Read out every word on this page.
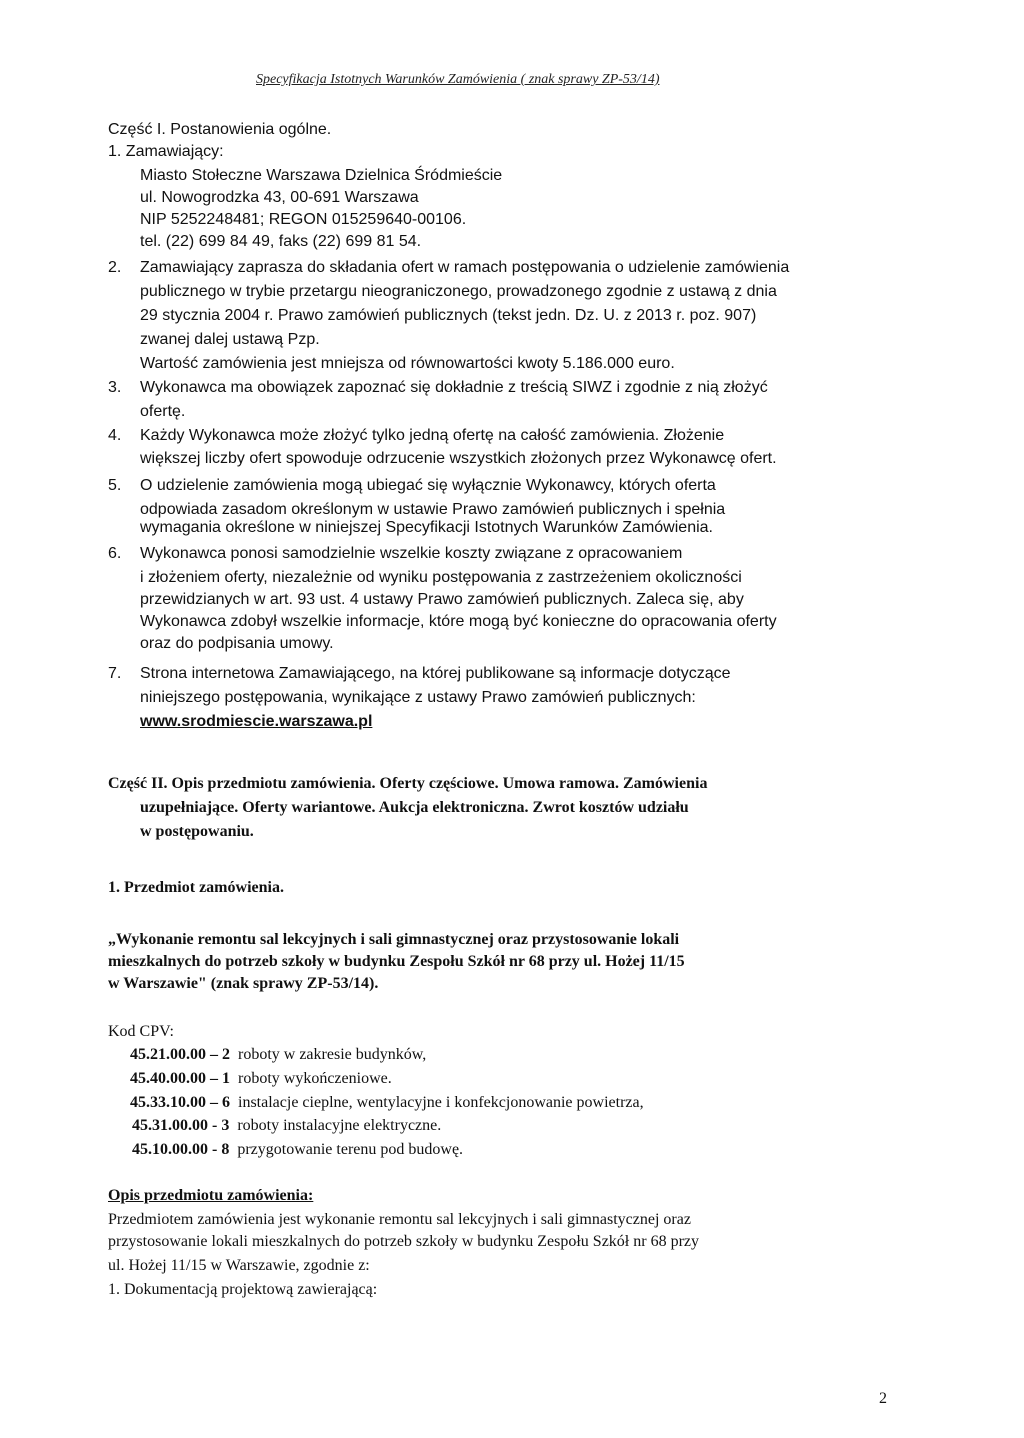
Specyfikacja Istotnych Warunków Zamówienia ( znak sprawy ZP-53/14)
Część I. Postanowienia ogólne.
1. Zamawiający:
Miasto Stołeczne Warszawa Dzielnica Śródmieście
ul. Nowogrodzka 43, 00-691 Warszawa
NIP 5252248481; REGON 015259640-00106.
tel. (22) 699 84 49, faks (22) 699 81 54.
2. Zamawiający zaprasza do składania ofert w ramach postępowania o udzielenie zamówienia
publicznego w trybie przetargu nieograniczonego, prowadzonego zgodnie z ustawą z dnia
29 stycznia 2004 r. Prawo zamówień publicznych (tekst jedn. Dz. U. z 2013 r. poz. 907)
zwanej dalej ustawą Pzp.
Wartość zamówienia jest mniejsza od równowartości kwoty 5.186.000 euro.
3. Wykonawca ma obowiązek zapoznać się dokładnie z treścią SIWZ i zgodnie z nią złożyć
ofertę.
4. Każdy Wykonawca może złożyć tylko jedną ofertę na całość zamówienia. Złożenie
większej liczby ofert spowoduje odrzucenie wszystkich złożonych przez Wykonawcę ofert.
5. O udzielenie zamówienia mogą ubiegać się wyłącznie Wykonawcy, których oferta
odpowiada zasadom określonym w ustawie Prawo zamówień publicznych i spełnia
wymagania określone w niniejszej Specyfikacji Istotnych Warunków Zamówienia.
6. Wykonawca ponosi samodzielnie wszelkie koszty związane z opracowaniem
i złożeniem oferty, niezależnie od wyniku postępowania z zastrzeżeniem okoliczności
przewidzianych w art. 93 ust. 4 ustawy Prawo zamówień publicznych. Zaleca się, aby
Wykonawca zdobył wszelkie informacje, które mogą być konieczne do opracowania oferty
oraz do podpisania umowy.
7. Strona internetowa Zamawiającego, na której publikowane są informacje dotyczące
niniejszego postępowania, wynikające z ustawy Prawo zamówień publicznych:
www.srodmiescie.warszawa.pl
Część II. Opis przedmiotu zamówienia. Oferty częściowe. Umowa ramowa. Zamówienia
uzupełniające. Oferty wariantowe. Aukcja elektroniczna. Zwrot kosztów udziału
w postępowaniu.
1. Przedmiot zamówienia.
„Wykonanie remontu sal lekcyjnych i sali gimnastycznej oraz przystosowanie lokali
mieszkalnych do potrzeb szkoły w budynku Zespołu Szkół nr 68 przy ul. Hożej 11/15
w Warszawie" (znak sprawy ZP-53/14).
Kod CPV:
45.21.00.00 – 2 roboty w zakresie budynków,
45.40.00.00 – 1 roboty wykończeniowe.
45.33.10.00 – 6 instalacje cieplne, wentylacyjne i konfekcjonowanie powietrza,
45.31.00.00 - 3 roboty instalacyjne elektryczne.
45.10.00.00 - 8 przygotowanie terenu pod budowę.
Opis przedmiotu zamówienia:
Przedmiotem zamówienia jest wykonanie remontu sal lekcyjnych i sali gimnastycznej oraz
przystosowanie lokali mieszkalnych do potrzeb szkoły w budynku Zespołu Szkół nr 68 przy
ul. Hożej 11/15 w Warszawie, zgodnie z:
1. Dokumentacją projektową zawierającą:
2
